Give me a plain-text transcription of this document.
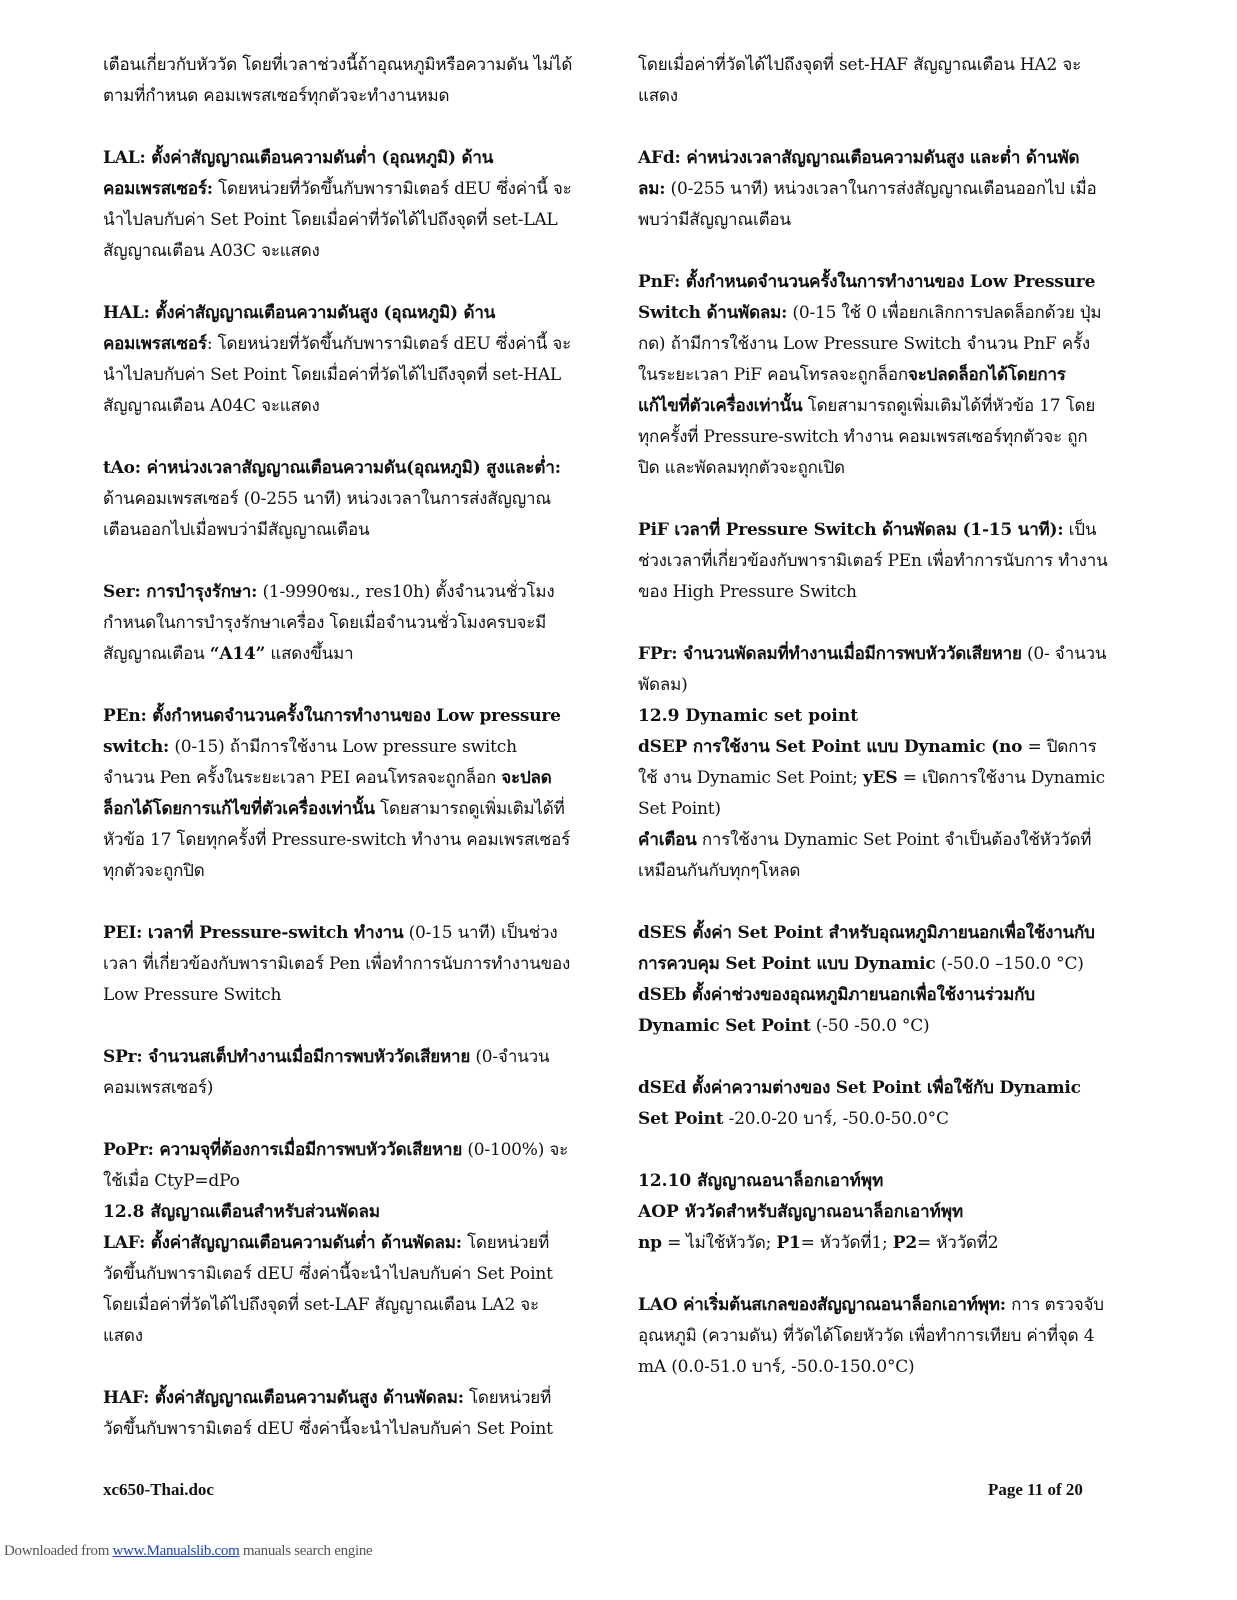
เตือนเกี่ยวกับหัววัด โดยที่เวลาช่วงนี้ถ้าอุณหภูมิหรือความดัน ไม่ได้ตามที่กำหนด คอมเพรสเซอร์ทุกตัวจะทำงานหมด

LAL: ตั้งค่าสัญญาณเตือนความดันต่ำ (อุณหภูมิ) ด้าน คอมเพรสเซอร์: โดยหน่วยที่วัดขึ้นกับพารามิเตอร์ dEU ซึ่งค่านี้ จะนำไปลบกับค่า Set Point โดยเมื่อค่าที่วัดได้ไปถึงจุดที่ set-LAL สัญญาณเตือน A03C จะแสดง

HAL: ตั้งค่าสัญญาณเตือนความดันสูง (อุณหภูมิ) ด้าน คอมเพรสเซอร์: โดยหน่วยที่วัดขึ้นกับพารามิเตอร์ dEU ซึ่งค่านี้ จะนำไปลบกับค่า Set Point โดยเมื่อค่าที่วัดได้ไปถึงจุดที่ set-HAL สัญญาณเตือน A04C จะแสดง

tAo: ค่าหน่วงเวลาสัญญาณเตือนความดัน(อุณหภูมิ) สูงและต่ำ: ด้านคอมเพรสเซอร์ (0-255 นาที) หน่วงเวลาในการส่งสัญญาณ เตือนออกไปเมื่อพบว่ามีสัญญาณเตือน

Ser: การบำรุงรักษา: (1-9990ชม., res10h) ตั้งจำนวนชั่วโมง กำหนดในการบำรุงรักษาเครื่อง โดยเมื่อจำนวนชั่วโมงครบจะมี สัญญาณเตือน “A14” แสดงขึ้นมา

PEn: ตั้งกำหนดจำนวนครั้งในการทำงานของ Low pressure switch: (0-15) ถ้ามีการใช้งาน Low pressure switch จำนวน Pen ครั้งในระยะเวลา PEI คอนโทรลจะถูกล็อก จะปลดล็อกได้โดยการแก้ไขที่ตัวเครื่องเท่านั้น โดยสามารถดูเพิ่มเติมได้ที่ หัวข้อ 17 โดยทุกครั้งที่ Pressure-switch ทำงาน คอมเพรสเซอร์ ทุกตัวจะถูกปิด

PEI: เวลาที่ Pressure-switch ทำงาน (0-15 นาที) เป็นช่วงเวลา ที่เกี่ยวข้องกับพารามิเตอร์ Pen เพื่อทำการนับการทำงานของ Low Pressure Switch

SPr: จำนวนสเต็ปทำงานเมื่อมีการพบหัววัดเสียหาย (0-จำนวน คอมเพรสเซอร์)

PoPr: ความจุที่ต้องการเมื่อมีการพบหัววัดเสียหาย (0-100%) จะใช้เมื่อ CtyP=dPo

12.8 สัญญาณเตือนสำหรับส่วนพัดลม

LAF: ตั้งค่าสัญญาณเตือนความดันต่ำ ด้านพัดลม: โดยหน่วยที่ วัดขึ้นกับพารามิเตอร์ dEU ซึ่งค่านี้จะนำไปลบกับค่า Set Point โดยเมื่อค่าที่วัดได้ไปถึงจุดที่ set-LAF สัญญาณเตือน LA2 จะ แสดง

HAF: ตั้งค่าสัญญาณเตือนความดันสูง ด้านพัดลม: โดยหน่วยที่ วัดขึ้นกับพารามิเตอร์ dEU ซึ่งค่านี้จะนำไปลบกับค่า Set Point

โดยเมื่อค่าที่วัดได้ไปถึงจุดที่ set-HAF สัญญาณเตือน HA2 จะ แสดง

AFd: ค่าหน่วงเวลาสัญญาณเตือนความดันสูง และต่ำ ด้านพัด ลม: (0-255 นาที) หน่วงเวลาในการส่งสัญญาณเตือนออกไป เมื่อพบว่ามีสัญญาณเตือน

PnF: ตั้งกำหนดจำนวนครั้งในการทำงานของ Low Pressure Switch ด้านพัดลม: (0-15 ใช้ 0 เพื่อยกเลิกการปลดล็อกด้วย ปุ่มกด) ถ้ามีการใช้งาน Low Pressure Switch จำนวน PnF ครั้ง ในระยะเวลา PiF คอนโทรลจะถูกล็อกจะปลดล็อกได้โดยการ แก้ไขที่ตัวเครื่องเท่านั้น โดยสามารถดูเพิ่มเติมได้ที่หัวข้อ 17 โดยทุกครั้งที่ Pressure-switch ทำงาน คอมเพรสเซอร์ทุกตัวจะ ถูกปิด และพัดลมทุกตัวจะถูกเปิด

PiF เวลาที่ Pressure Switch ด้านพัดลม (1-15 นาที): เป็น ช่วงเวลาที่เกี่ยวข้องกับพารามิเตอร์ PEn เพื่อทำการนับการ ทำงานของ High Pressure Switch

FPr: จำนวนพัดลมที่ทำงานเมื่อมีการพบหัววัดเสียหาย (0- จำนวนพัดลม)

12.9 Dynamic set point

dSEP การใช้งาน Set Point แบบ Dynamic (no = ปิดการใช้ งาน Dynamic Set Point; yES = เปิดการใช้งาน Dynamic Set Point)

คำเตือน การใช้งาน Dynamic Set Point จำเป็นต้องใช้หัววัดที่ เหมือนกันกับทุกๆโหลด

dSES ตั้งค่า Set Point สำหรับอุณหภูมิภายนอกเพื่อใช้งานกับ การควบคุม Set Point แบบ Dynamic (-50.0 –150.0 °C)

dSEb ตั้งค่าช่วงของอุณหภูมิภายนอกเพื่อใช้งานร่วมกับ Dynamic Set Point (-50 -50.0 °C)

dSEd ตั้งค่าความต่างของ Set Point เพื่อใช้กับ Dynamic Set Point -20.0-20 บาร์, -50.0-50.0°C

12.10 สัญญาณอนาล็อกเอาท์พุท

AOP หัววัดสำหรับสัญญาณอนาล็อกเอาท์พุท

np = ไม่ใช้หัววัด; P1= หัววัดที่1; P2= หัววัดที่2

LAO ค่าเริ่มต้นสเกลของสัญญาณอนาล็อกเอาท์พุท: การ ตรวจจับอุณหภูมิ (ความดัน) ที่วัดได้โดยหัววัด เพื่อทำการเทียบ ค่าที่จุด 4 mA (0.0-51.0 บาร์, -50.0-150.0°C)

xc650-Thai.doc	Page 11 of 20
Downloaded from www.Manualslib.com manuals search engine
